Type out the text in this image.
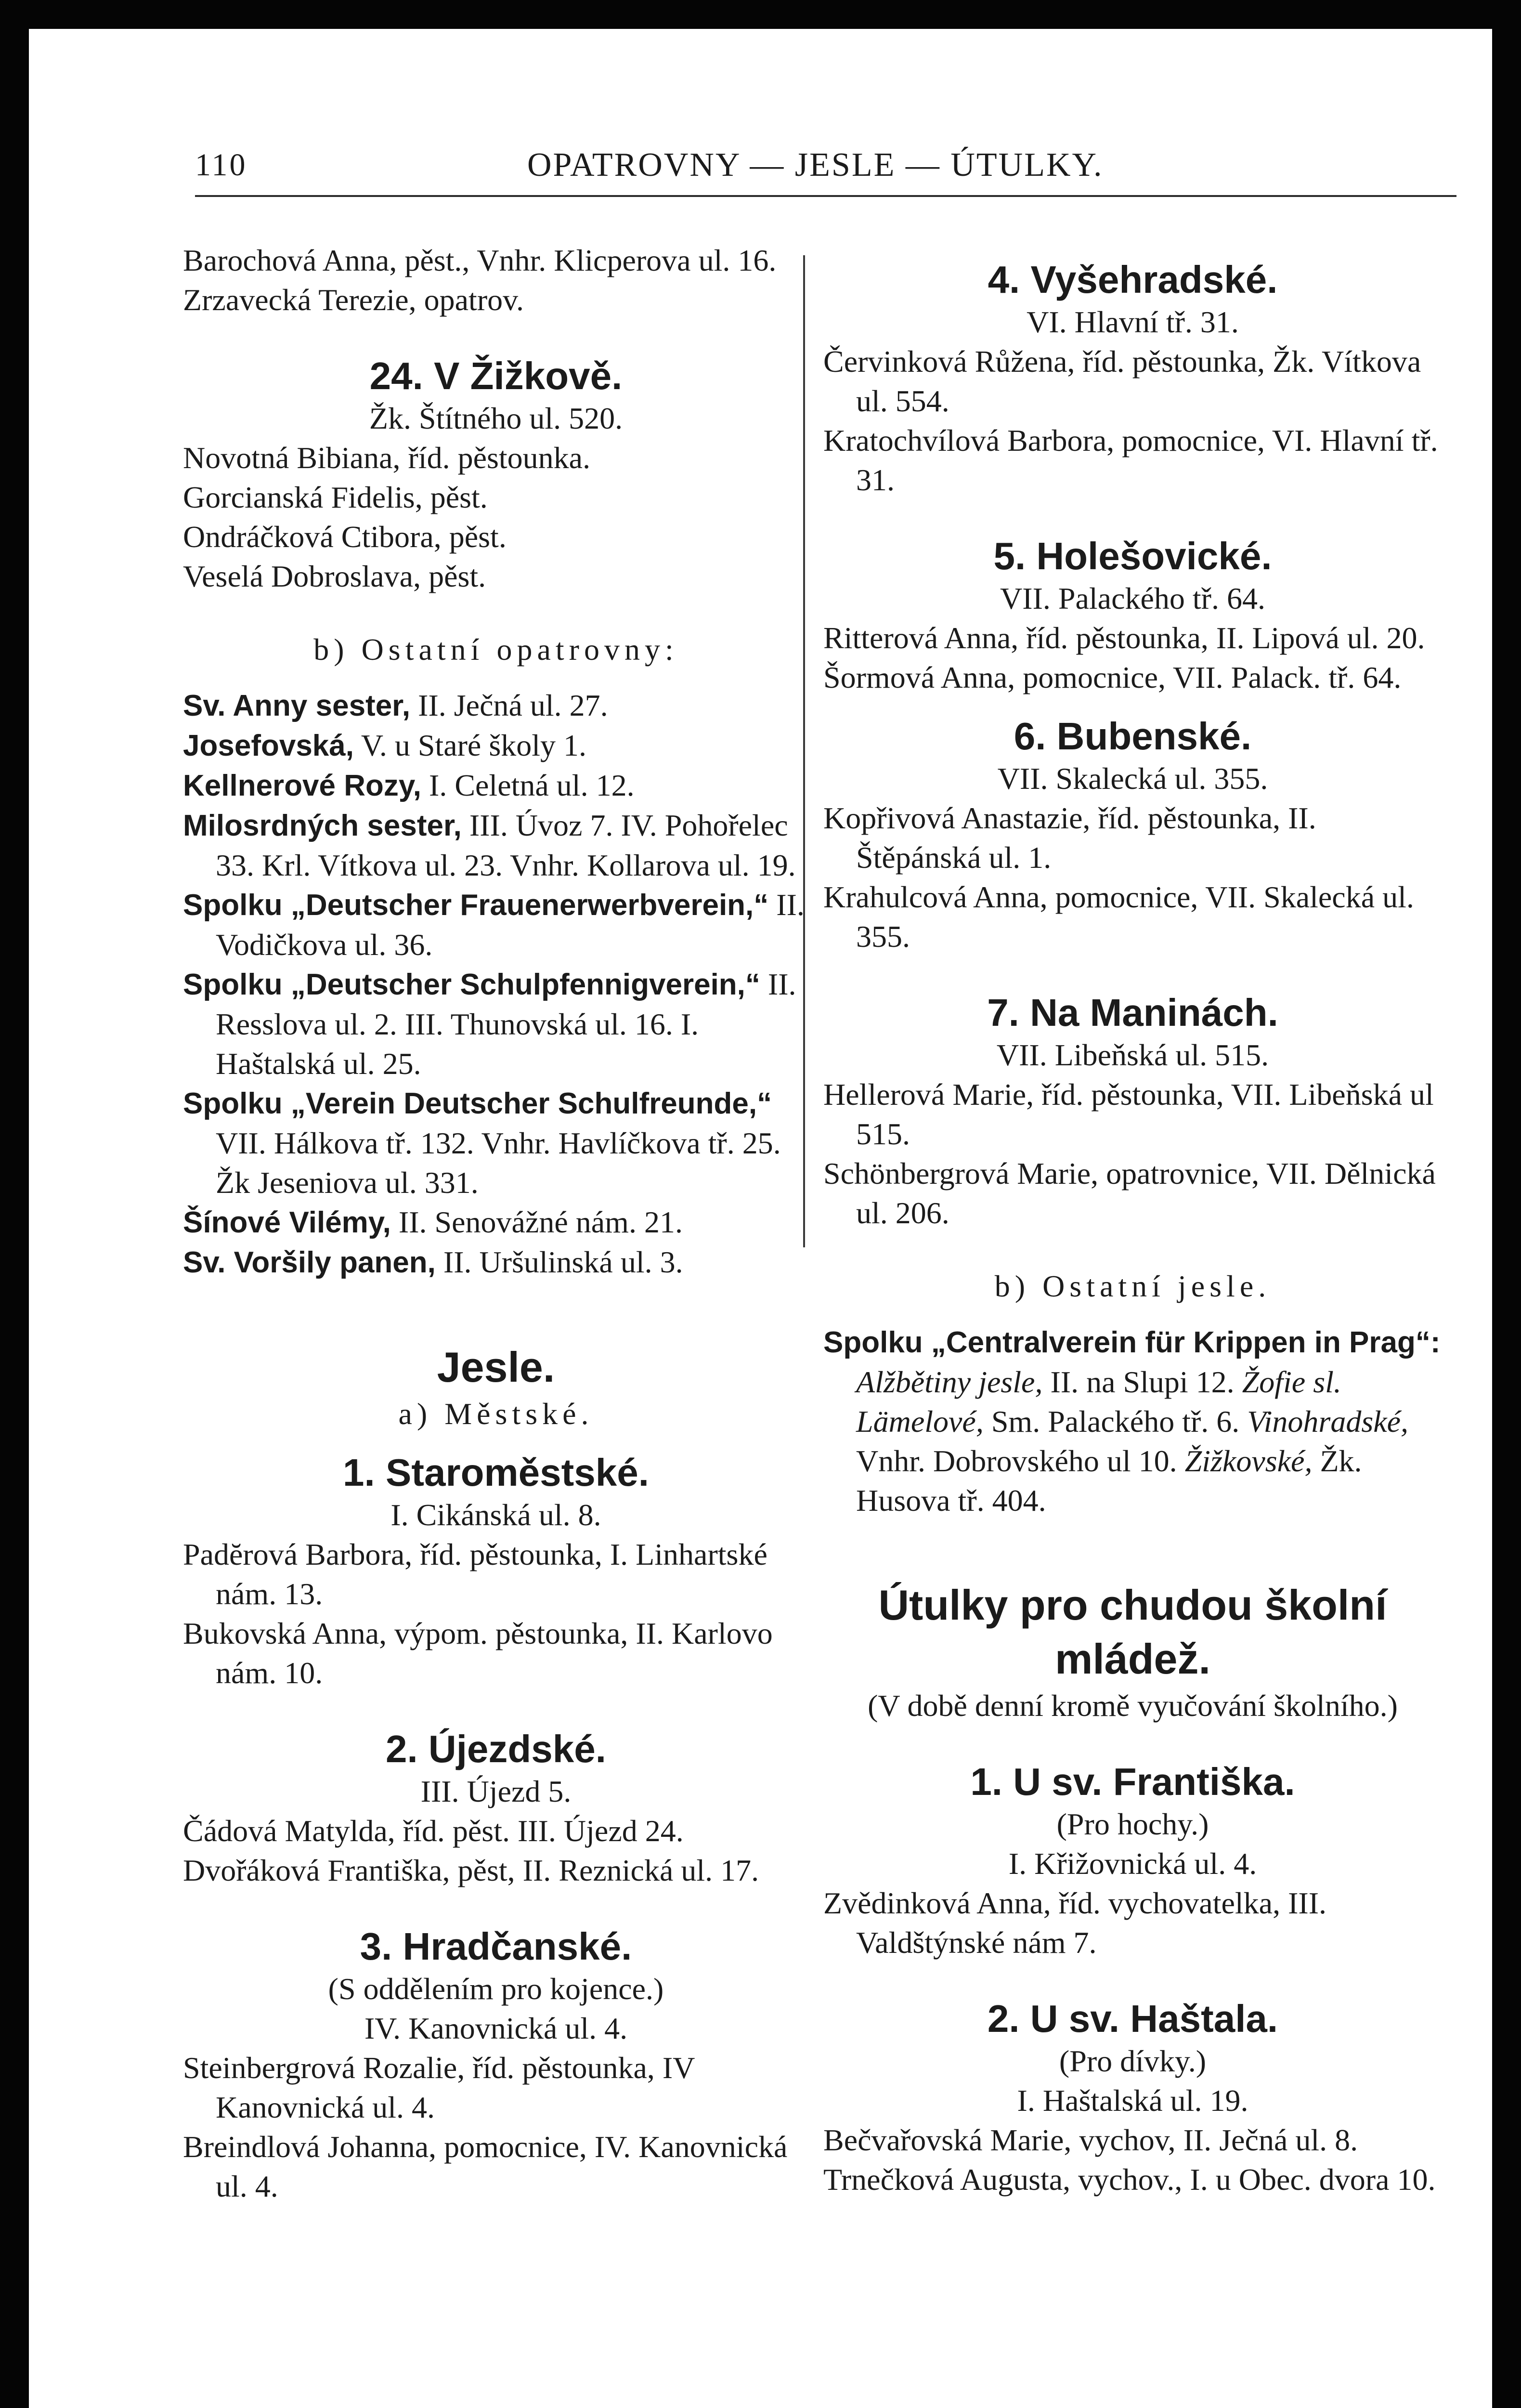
110	OPATROVNY — JESLE — ÚTULKY.
Barochová Anna, pěst., Vnhr. Klicperova ul. 16.
Zrzavecká Terezie, opatrov.
24. V Žižkově.
Žk. Štítného ul. 520.
Novotná Bibiana, říd. pěstounka.
Gorcianská Fidelis, pěst.
Ondráčková Ctibora, pěst.
Veselá Dobroslava, pěst.
b) Ostatní opatrovny:
Sv. Anny sester, II. Ječná ul. 27.
Josefovská, V. u Staré školy 1.
Kellnerové Rozy, I. Celetná ul. 12.
Milosrdných sester, III. Úvoz 7. IV. Pohořelec 33. Krl. Vítkova ul. 23. Vnhr. Kollarova ul. 19.
Spolku „Deutscher Frauenerwerbverein,“ II. Vodičkova ul. 36.
Spolku „Deutscher Schulpfennigverein,“ II. Resslova ul. 2. III. Thunovská ul. 16. I. Haštalská ul. 25.
Spolku „Verein Deutscher Schulfreunde,“ VII. Hálkova tř. 132. Vnhr. Havlíčkova tř. 25. Žk Jeseniova ul. 331.
Šínové Vilémy, II. Senovážné nám. 21.
Sv. Voršily panen, II. Uršulinská ul. 3.
Jesle.
a) Městské.
1. Staroměstské.
I. Cikánská ul. 8.
Padĕrová Barbora, říd. pěstounka, I. Linhartské nám. 13.
Bukovská Anna, výpom. pěstounka, II. Karlovo nám. 10.
2. Újezdské.
III. Újezd 5.
Čádová Matylda, říd. pěst. III. Újezd 24.
Dvořáková Františka, pěst, II. Reznická ul. 17.
3. Hradčanské.
(S oddělením pro kojence.)
IV. Kanovnická ul. 4.
Steinbergrová Rozalie, říd. pěstounka, IV Kanovnická ul. 4.
Breindlová Johanna, pomocnice, IV. Kanovnická ul. 4.
4. Vyšehradské.
VI. Hlavní tř. 31.
Červinková Růžena, říd. pěstounka, Žk. Vítkova ul. 554.
Kratochvílová Barbora, pomocnice, VI. Hlavní tř. 31.
5. Holešovické.
VII. Palackého tř. 64.
Ritterová Anna, říd. pěstounka, II. Lipová ul. 20.
Šormová Anna, pomocnice, VII. Palack. tř. 64.
6. Bubenské.
VII. Skalecká ul. 355.
Kopřivová Anastazie, říd. pěstounka, II. Štěpánská ul. 1.
Krahulcová Anna, pomocnice, VII. Skalecká ul. 355.
7. Na Maninách.
VII. Libeňská ul. 515.
Hellerová Marie, říd. pěstounka, VII. Libeňská ul 515.
Schönbergrová Marie, opatrovnice, VII. Dělnická ul. 206.
b) Ostatní jesle.
Spolku „Centralverein für Krippen in Prag“: Alžbětiny jesle, II. na Slupi 12. Žofie sl. Lämelové, Sm. Palackého tř. 6. Vinohradské, Vnhr. Dobrovského ul 10. Žižkovské, Žk. Husova tř. 404.
Útulky pro chudou školní mládež.
(V době denní kromě vyučování školního.)
1. U sv. Františka.
(Pro hochy.)
I. Křižovnická ul. 4.
Zvědinková Anna, říd. vychovatelka, III. Valdštýnské nám 7.
2. U sv. Haštala.
(Pro dívky.)
I. Haštalská ul. 19.
Bečvařovská Marie, vychov, II. Ječná ul. 8.
Trnečková Augusta, vychov., I. u Obec. dvora 10.
